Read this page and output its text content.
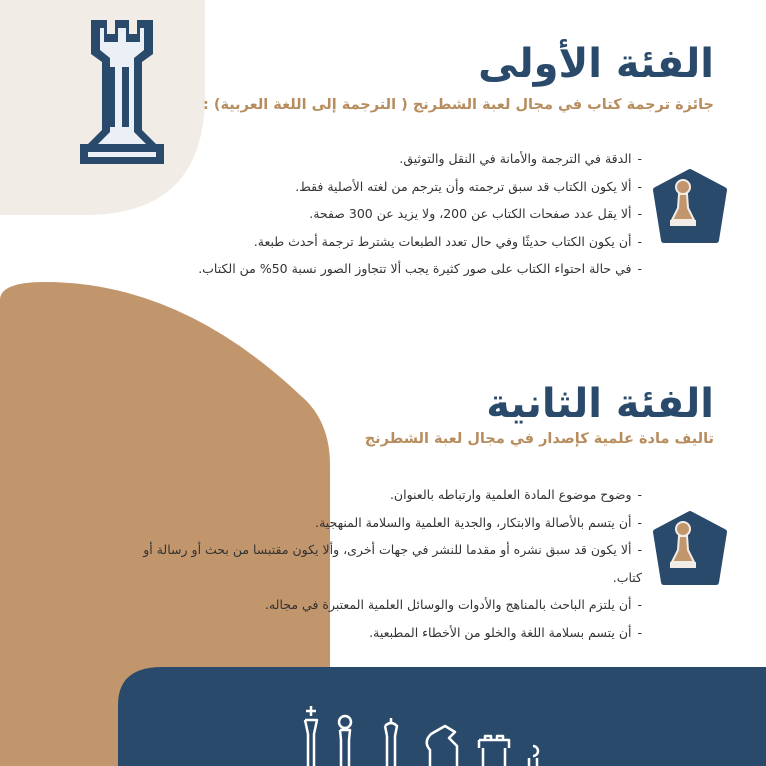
الفئة الأولى
جائزة ترجمة كتاب في مجال لعبة الشطرنج ( الترجمة إلى اللغة العربية) :
-الدقة في الترجمة والأمانة في النقل والتوثيق.
-ألا يكون الكتاب قد سبق ترجمته وأن يترجم من لغته الأصلية فقط.
-ألا يقل عدد صفحات الكتاب عن 200، ولا يزيد عن 300 صفحة.
-أن يكون الكتاب حديثًا وفي حال تعدد الطبعات يشترط ترجمة أحدث طبعة.
-في حالة احتواء الكتاب على صور كثيرة يجب ألا تتجاوز الصور نسبة 50% من الكتاب.
الفئة الثانية
تاليف مادة علمية كإصدار في مجال لعبة الشطرنج
-وضوح موضوع المادة العلمية وارتباطه بالعنوان.
-أن يتسم بالأصالة والابتكار، والجدية العلمية والسلامة المنهجية.
-ألا يكون قد سبق نشره أو مقدما للنشر في جهات أخرى، وألا يكون مقتبسا من بحث أو رسالة أو كتاب.
-أن يلتزم الباحث بالمناهج والأدوات والوسائل العلمية المعتبرة في مجاله.
-أن يتسم بسلامة اللغة والخلو من الأخطاء المطبعية.
